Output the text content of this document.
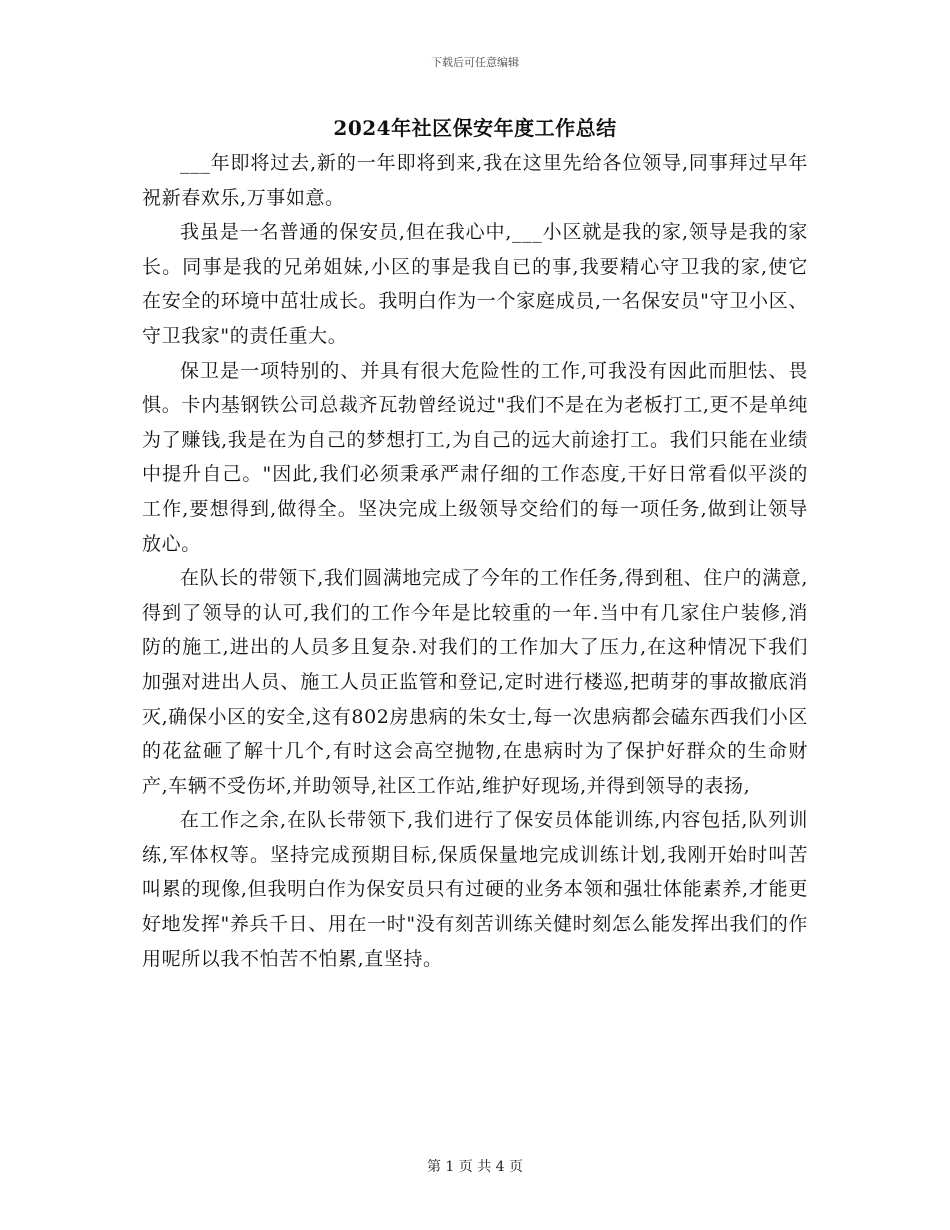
下载后可任意编辑
2024年社区保安年度工作总结

___年即将过去,新的一年即将到来,我在这里先给各位领导,同事拜过早年祝新春欢乐,万事如意。

我虽是一名普通的保安员,但在我心中,___小区就是我的家,领导是我的家长。同事是我的兄弟姐妹,小区的事是我自已的事,我要精心守卫我的家,使它在安全的环境中茁壮成长。我明白作为一个家庭成员,一名保安员"守卫小区、守卫我家"的责任重大。

保卫是一项特别的、并具有很大危险性的工作,可我没有因此而胆怯、畏惧。卡内基钢铁公司总裁齐瓦勃曾经说过"我们不是在为老板打工,更不是单纯为了赚钱,我是在为自己的梦想打工,为自己的远大前途打工。我们只能在业绩中提升自己。"因此,我们必须秉承严肃仔细的工作态度,干好日常看似平淡的工作,要想得到,做得全。坚决完成上级领导交给们的每一项任务,做到让领导放心。

在队长的带领下,我们圆满地完成了今年的工作任务,得到租、住户的满意,得到了领导的认可,我们的工作今年是比较重的一年.当中有几家住户装修,消防的施工,进出的人员多且复杂.对我们的工作加大了压力,在这种情况下我们加强对进出人员、施工人员正监管和登记,定时进行楼巡,把萌芽的事故撤底消灭,确保小区的安全,这有802房患病的朱女士,每一次患病都会磕东西我们小区的花盆砸了解十几个,有时这会高空抛物,在患病时为了保护好群众的生命财产,车辆不受伤坏,并助领导,社区工作站,维护好现场,并得到领导的表扬,

在工作之余,在队长带领下,我们进行了保安员体能训练,内容包括,队列训练,军体权等。坚持完成预期目标,保质保量地完成训练计划,我刚开始时叫苦叫累的现像,但我明白作为保安员只有过硬的业务本领和强壮体能素养,才能更好地发挥"养兵千日、用在一时"没有刻苦训练关健时刻怎么能发挥出我们的作用呢所以我不怕苦不怕累,直坚持。

第 1 页 共 4 页
